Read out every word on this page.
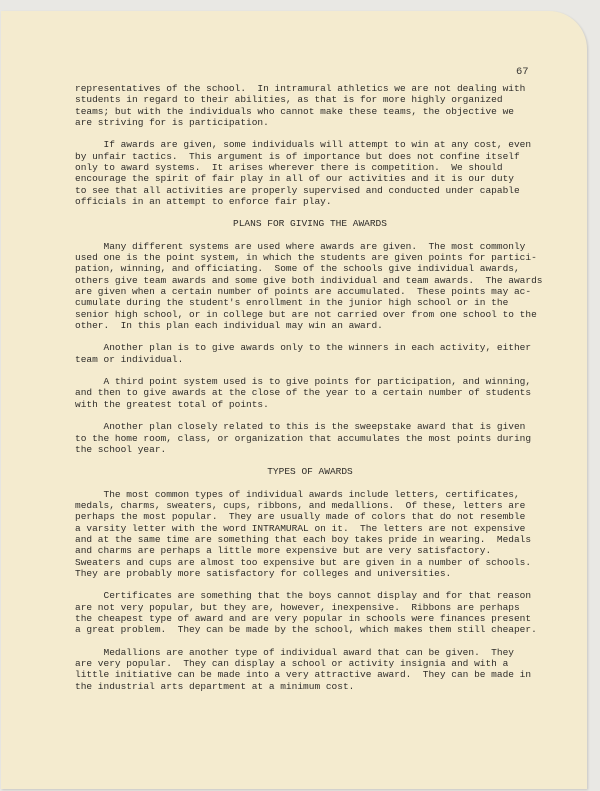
67
representatives of the school.  In intramural athletics we are not dealing with
students in regard to their abilities, as that is for more highly organized
teams; but with the individuals who cannot make these teams, the objective we
are striving for is participation.
If awards are given, some individuals will attempt to win at any cost, even
by unfair tactics.  This argument is of importance but does not confine itself
only to award systems.  It arises wherever there is competition.  We should
encourage the spirit of fair play in all of our activities and it is our duty
to see that all activities are properly supervised and conducted under capable
officials in an attempt to enforce fair play.
PLANS FOR GIVING THE AWARDS
Many different systems are used where awards are given.  The most commonly
used one is the point system, in which the students are given points for partici-
pation, winning, and officiating.  Some of the schools give individual awards,
others give team awards and some give both individual and team awards.  The awards
are given when a certain number of points are accumulated.  These points may ac-
cumulate during the student's enrollment in the junior high school or in the
senior high school, or in college but are not carried over from one school to the
other.  In this plan each individual may win an award.
Another plan is to give awards only to the winners in each activity, either
team or individual.
A third point system used is to give points for participation, and winning,
and then to give awards at the close of the year to a certain number of students
with the greatest total of points.
Another plan closely related to this is the sweepstake award that is given
to the home room, class, or organization that accumulates the most points during
the school year.
TYPES OF AWARDS
The most common types of individual awards include letters, certificates,
medals, charms, sweaters, cups, ribbons, and medallions.  Of these, letters are
perhaps the most popular.  They are usually made of colors that do not resemble
a varsity letter with the word INTRAMURAL on it.  The letters are not expensive
and at the same time are something that each boy takes pride in wearing.  Medals
and charms are perhaps a little more expensive but are very satisfactory.
Sweaters and cups are almost too expensive but are given in a number of schools.
They are probably more satisfactory for colleges and universities.
Certificates are something that the boys cannot display and for that reason
are not very popular, but they are, however, inexpensive.  Ribbons are perhaps
the cheapest type of award and are very popular in schools were finances present
a great problem.  They can be made by the school, which makes them still cheaper.
Medallions are another type of individual award that can be given.  They
are very popular.  They can display a school or activity insignia and with a
little initiative can be made into a very attractive award.  They can be made in
the industrial arts department at a minimum cost.
